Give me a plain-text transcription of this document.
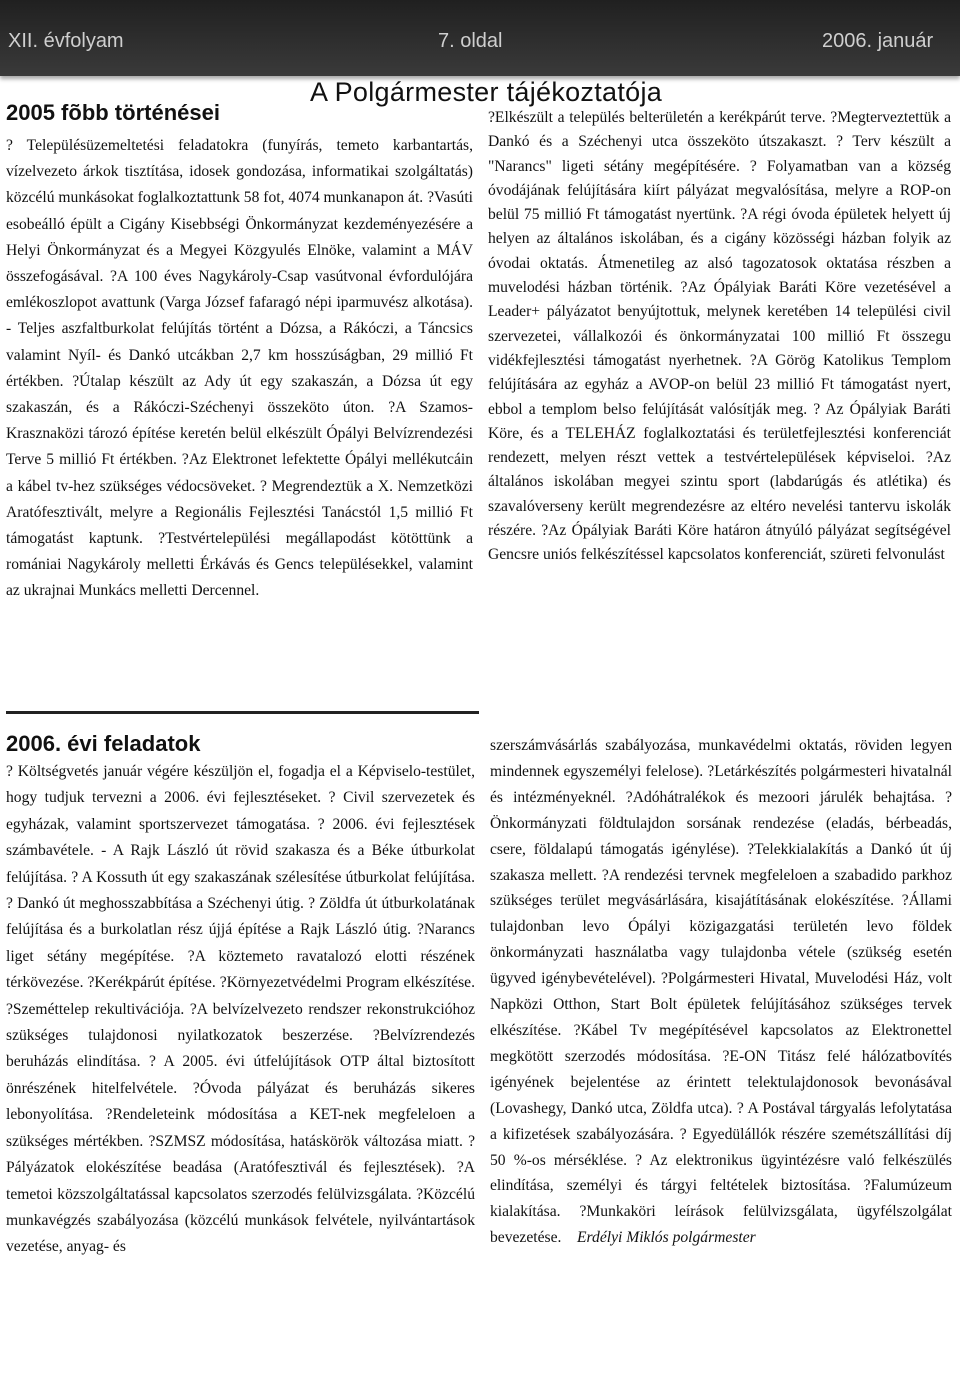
XII. évfolyam	7. oldal	2006. január
A Polgármester tájékoztatója
2005 fõbb történései

? Településüzemeltetési feladatokra (funyírás, temeto karbantartás, vízelvezeto árkok tisztítása, idosek gondozása, informatikai szolgáltatás) közcélú munkásokat foglalkoztattunk 58 fot, 4074 munkanapon át. ?Vasúti esobeálló épült a Cigány Kisebbségi Önkormányzat kezdeményezésére a Helyi Önkormányzat és a Megyei Közgyulés Elnöke, valamint a MÁV összefogásával. ?A 100 éves Nagykároly-Csap vasútvonal évfordulójára emlékoszlopot avattunk (Varga József fafaragó népi iparmuvész alkotása). - Teljes aszfaltburkolat felújítás történt a Dózsa, a Rákóczi, a Táncsics valamint Nyíl- és Dankó utcákban 2,7 km hosszúságban, 29 millió Ft értékben. ?Útalap készült az Ady út egy szakaszán, a Dózsa út egy szakaszán, és a Rákóczi-Széchenyi összeköto úton. ?A Szamos-Krasznaközi tározó építése keretén belül elkészült Ópályi Belvízrendezési Terve 5 millió Ft értékben. ?Az Elektronet lefektette Ópályi mellékutcáin a kábel tv-hez szükséges védocsöveket. ? Megrendeztük a X. Nemzetközi Aratófesztivált, melyre a Regionális Fejlesztési Tanácstól 1,5 millió Ft támogatást kaptunk. ?Testvértelepülési megállapodást kötöttünk a romániai Nagykároly melletti Érkávás és Gencs településekkel, valamint az ukrajnai Munkács melletti Dercennel.

?Elkészült a település belterületén a kerékpárút terve. ?Megterveztettük a Dankó és a Széchenyi utca összeköto útszakaszt. ? Terv készült a "Narancs" ligeti sétány megépítésére. ? Folyamatban van a község óvodájának felújítására kiírt pályázat megvalósítása, melyre a ROP-on belül 75 millió Ft támogatást nyertünk. ?A régi óvoda épületek helyett új helyen az általános iskolában, és a cigány közösségi házban folyik az óvodai oktatás. Átmenetileg az alsó tagozatosok oktatása részben a muvelodési házban történik. ?Az Ópályiak Baráti Köre vezetésével a Leader+ pályázatot benyújtottuk, melynek keretében 14 települési civil szervezetei, vállalkozói és önkormányzatai 100 millió Ft összegu vidékfejlesztési támogatást nyerhetnek. ?A Görög Katolikus Templom felújítására az egyház a AVOP-on belül 23 millió Ft támogatást nyert, ebbol a templom belso felújítását valósítják meg. ? Az Ópályiak Baráti Köre, és a TELEHÁZ foglalkoztatási és területfejlesztési konferenciát rendezett, melyen részt vettek a testvértelepülések képviseloi. ?Az általános iskolában megyei szintu sport (labdarúgás és atlétika) és szavalóverseny került megrendezésre az eltéro nevelési tantervu iskolák részére. ?Az Ópályiak Baráti Köre határon átnyúló pályázat segítségével Gencsre uniós felkészítéssel kapcsolatos konferenciát, szüreti felvonulást

2006. évi feladatok

? Költségvetés január végére készüljön el, fogadja el a Képviselo-testület, hogy tudjuk tervezni a 2006. évi fejlesztéseket. ? Civil szervezetek és egyházak, valamint sportszervezet támogatása. ? 2006. évi fejlesztések számbavétele. - A Rajk László út rövid szakasza és a Béke útburkolat felújítása. ? A Kossuth út egy szakaszának szélesítése útburkolat felújítása. ? Dankó út meghosszabbítása a Széchenyi útig. ? Zöldfa út útburkolatának felújítása és a burkolatlan rész újjá építése a Rajk László útig. ?Narancs liget sétány megépítése. ?A köztemeto ravatalozó elotti részének térkövezése. ?Kerékpárút építése. ?Környezetvédelmi Program elkészítése. ?Szeméttelep rekultivációja. ?A belvízelvezeto rendszer rekonstrukcióhoz szükséges tulajdonosi nyilatkozatok beszerzése. ?Belvízrendezés beruházás elindítása. ? A 2005. évi útfelújítások OTP által biztosított önrészének hitelfelvétele. ?Óvoda pályázat és beruházás sikeres lebonyolítása. ?Rendeleteink módosítása a KET-nek megfeleloen a szükséges mértékben. ?SZMSZ módosítása, hatáskörök változása miatt. ?Pályázatok elokészítése beadása (Aratófesztivál és fejlesztések). ?A temetoi közszolgáltatással kapcsolatos szerzodés felülvizsgálata. ?Közcélú munkavégzés szabályozása (közcélú munkások felvétele, nyilvántartások vezetése, anyag- és

szerszámvásárlás szabályozása, munkavédelmi oktatás, röviden legyen mindennek egyszemélyi felelose). ?Letárkészítés polgármesteri hivatalnál és intézményeknél. ?Adóhátralékok és mezoori járulék behajtása. ?Önkormányzati földtulajdon sorsának rendezése (eladás, bérbeadás, csere, földalapú támogatás igénylése). ?Telekkialakítás a Dankó út új szakasza mellett. ?A rendezési tervnek megfeleloen a szabadido parkhoz szükséges terület megvásárlására, kisajátításának elokészítése. ?Állami tulajdonban levo Ópályi közigazgatási területén levo földek önkormányzati használatba vagy tulajdonba vétele (szükség esetén ügyved igénybevételével). ?Polgármesteri Hivatal, Muvelodési Ház, volt Napközi Otthon, Start Bolt épületek felújításához szükséges tervek elkészítése. ?Kábel Tv megépítésével kapcsolatos az Elektronettel megkötött szerzodés módosítása. ?E-ON Titász felé hálózatbovítés igényének bejelentése az érintett telektulajdonosok bevonásával (Lovashegy, Dankó utca, Zöldfa utca). ? A Postával tárgyalás lefolytatása a kifizetések szabályozására. ? Egyedülállók részére szemétszállítási díj 50 %-os mérséklése. ? Az elektronikus ügyintézésre való felkészülés elindítása, személyi és tárgyi feltételek biztosítása. ?Falumúzeum kialakítása. ?Munkaköri leírások felülvizsgálata, ügyfélszolgálat bevezetése. Erdélyi Miklós polgármester
